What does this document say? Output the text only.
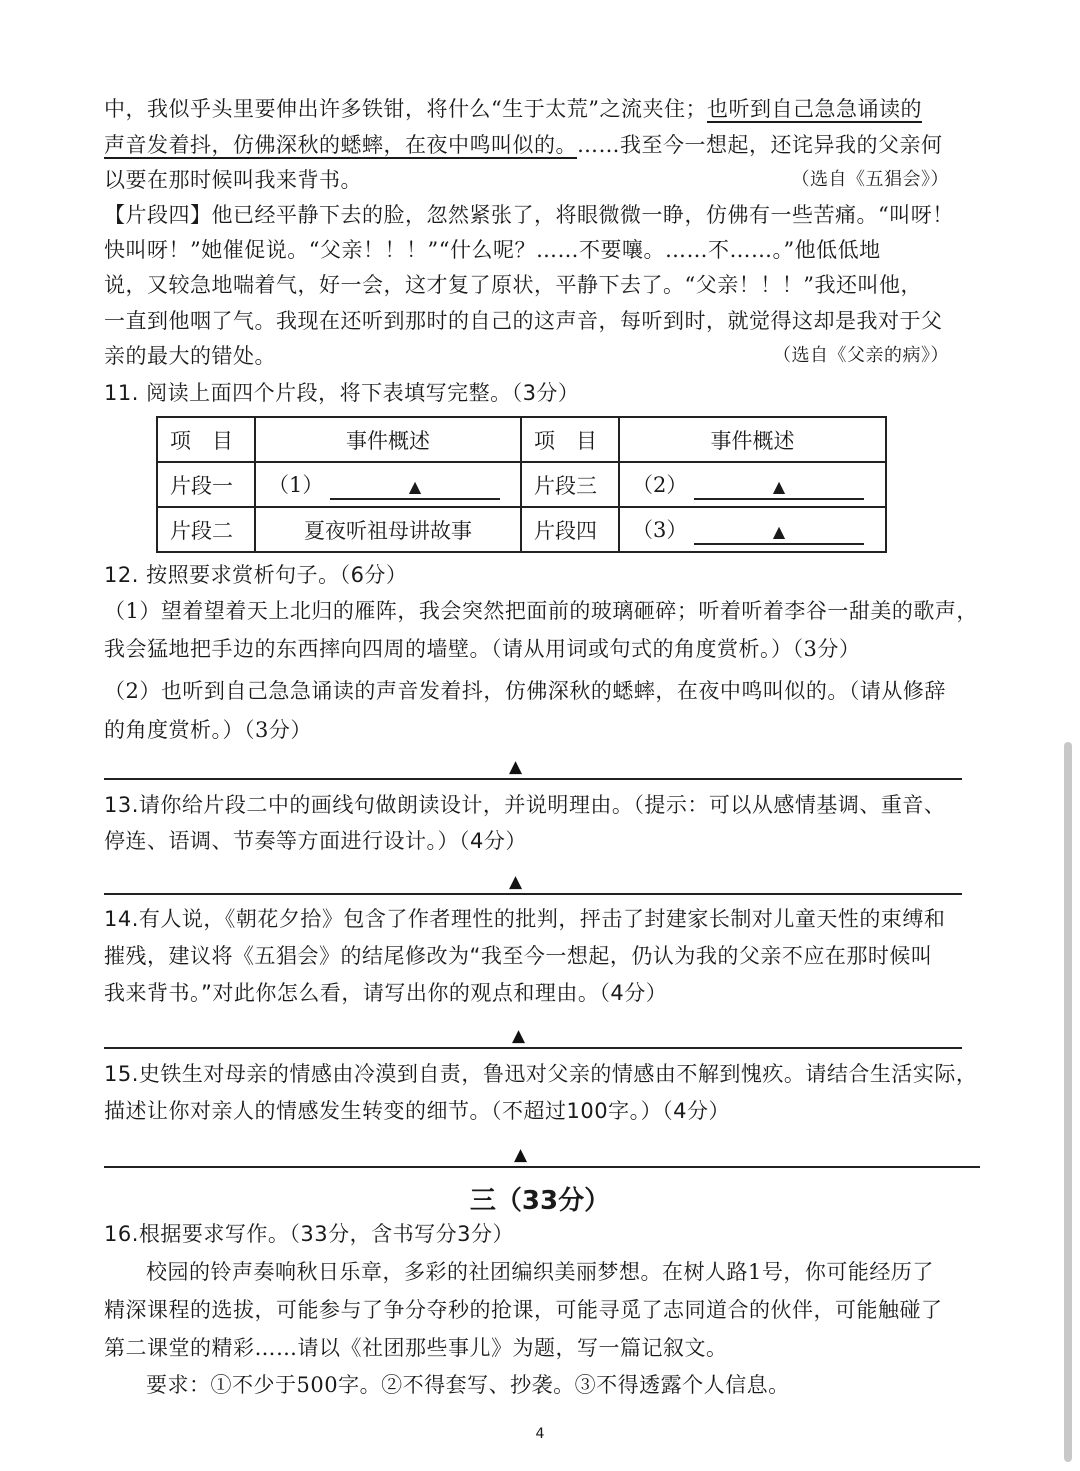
中，我似乎头里要伸出许多铁钳，将什么“生于太荒”之流夹住；也听到自己急急诵读的
声音发着抖，仿佛深秋的蟋蟀，在夜中鸣叫似的。……我至今一想起，还诧异我的父亲何
以要在那时候叫我来背书。	（选自《五猖会》）
【片段四】他已经平静下去的脸，忽然紧张了，将眼微微一睁，仿佛有一些苦痛。“叫呀！
快叫呀！”她催促说。“父亲！！！”“什么呢？……不要嚷。……不……。”他低低地
说，又较急地喘着气，好一会，这才复了原状，平静下去了。“父亲！！！”我还叫他，
一直到他咽了气。我现在还听到那时的自己的这声音，每听到时，就觉得这却是我对于父
亲的最大的错处。	（选自《父亲的病》）
11. 阅读上面四个片段，将下表填写完整。（3分）
项　目	事件概述	项　目	事件概述
片段一	（1） ▲	片段三	（2） ▲
片段二	夏夜听祖母讲故事	片段四	（3） ▲
12. 按照要求赏析句子。（6分）
（1）望着望着天上北归的雁阵，我会突然把面前的玻璃砸碎；听着听着李谷一甜美的歌声，
我会猛地把手边的东西摔向四周的墙壁。（请从用词或句式的角度赏析。）（3分）
（2）也听到自己急急诵读的声音发着抖，仿佛深秋的蟋蟀，在夜中鸣叫似的。（请从修辞
的角度赏析。）（3分）
▲
13.请你给片段二中的画线句做朗读设计，并说明理由。（提示：可以从感情基调、重音、
停连、语调、节奏等方面进行设计。）（4分）
▲
14.有人说，《朝花夕拾》包含了作者理性的批判，抨击了封建家长制对儿童天性的束缚和
摧残，建议将《五猖会》的结尾修改为“我至今一想起，仍认为我的父亲不应在那时候叫
我来背书。”对此你怎么看，请写出你的观点和理由。（4分）
▲
15.史铁生对母亲的情感由冷漠到自责，鲁迅对父亲的情感由不解到愧疚。请结合生活实际，
描述让你对亲人的情感发生转变的细节。（不超过100字。）（4分）
▲
三（33分）
16.根据要求写作。（33分，含书写分3分）
校园的铃声奏响秋日乐章，多彩的社团编织美丽梦想。在树人路1号，你可能经历了
精深课程的选拔，可能参与了争分夺秒的抢课，可能寻觅了志同道合的伙伴，可能触碰了
第二课堂的精彩……请以《社团那些事儿》为题，写一篇记叙文。
要求：①不少于500字。②不得套写、抄袭。③不得透露个人信息。
4
